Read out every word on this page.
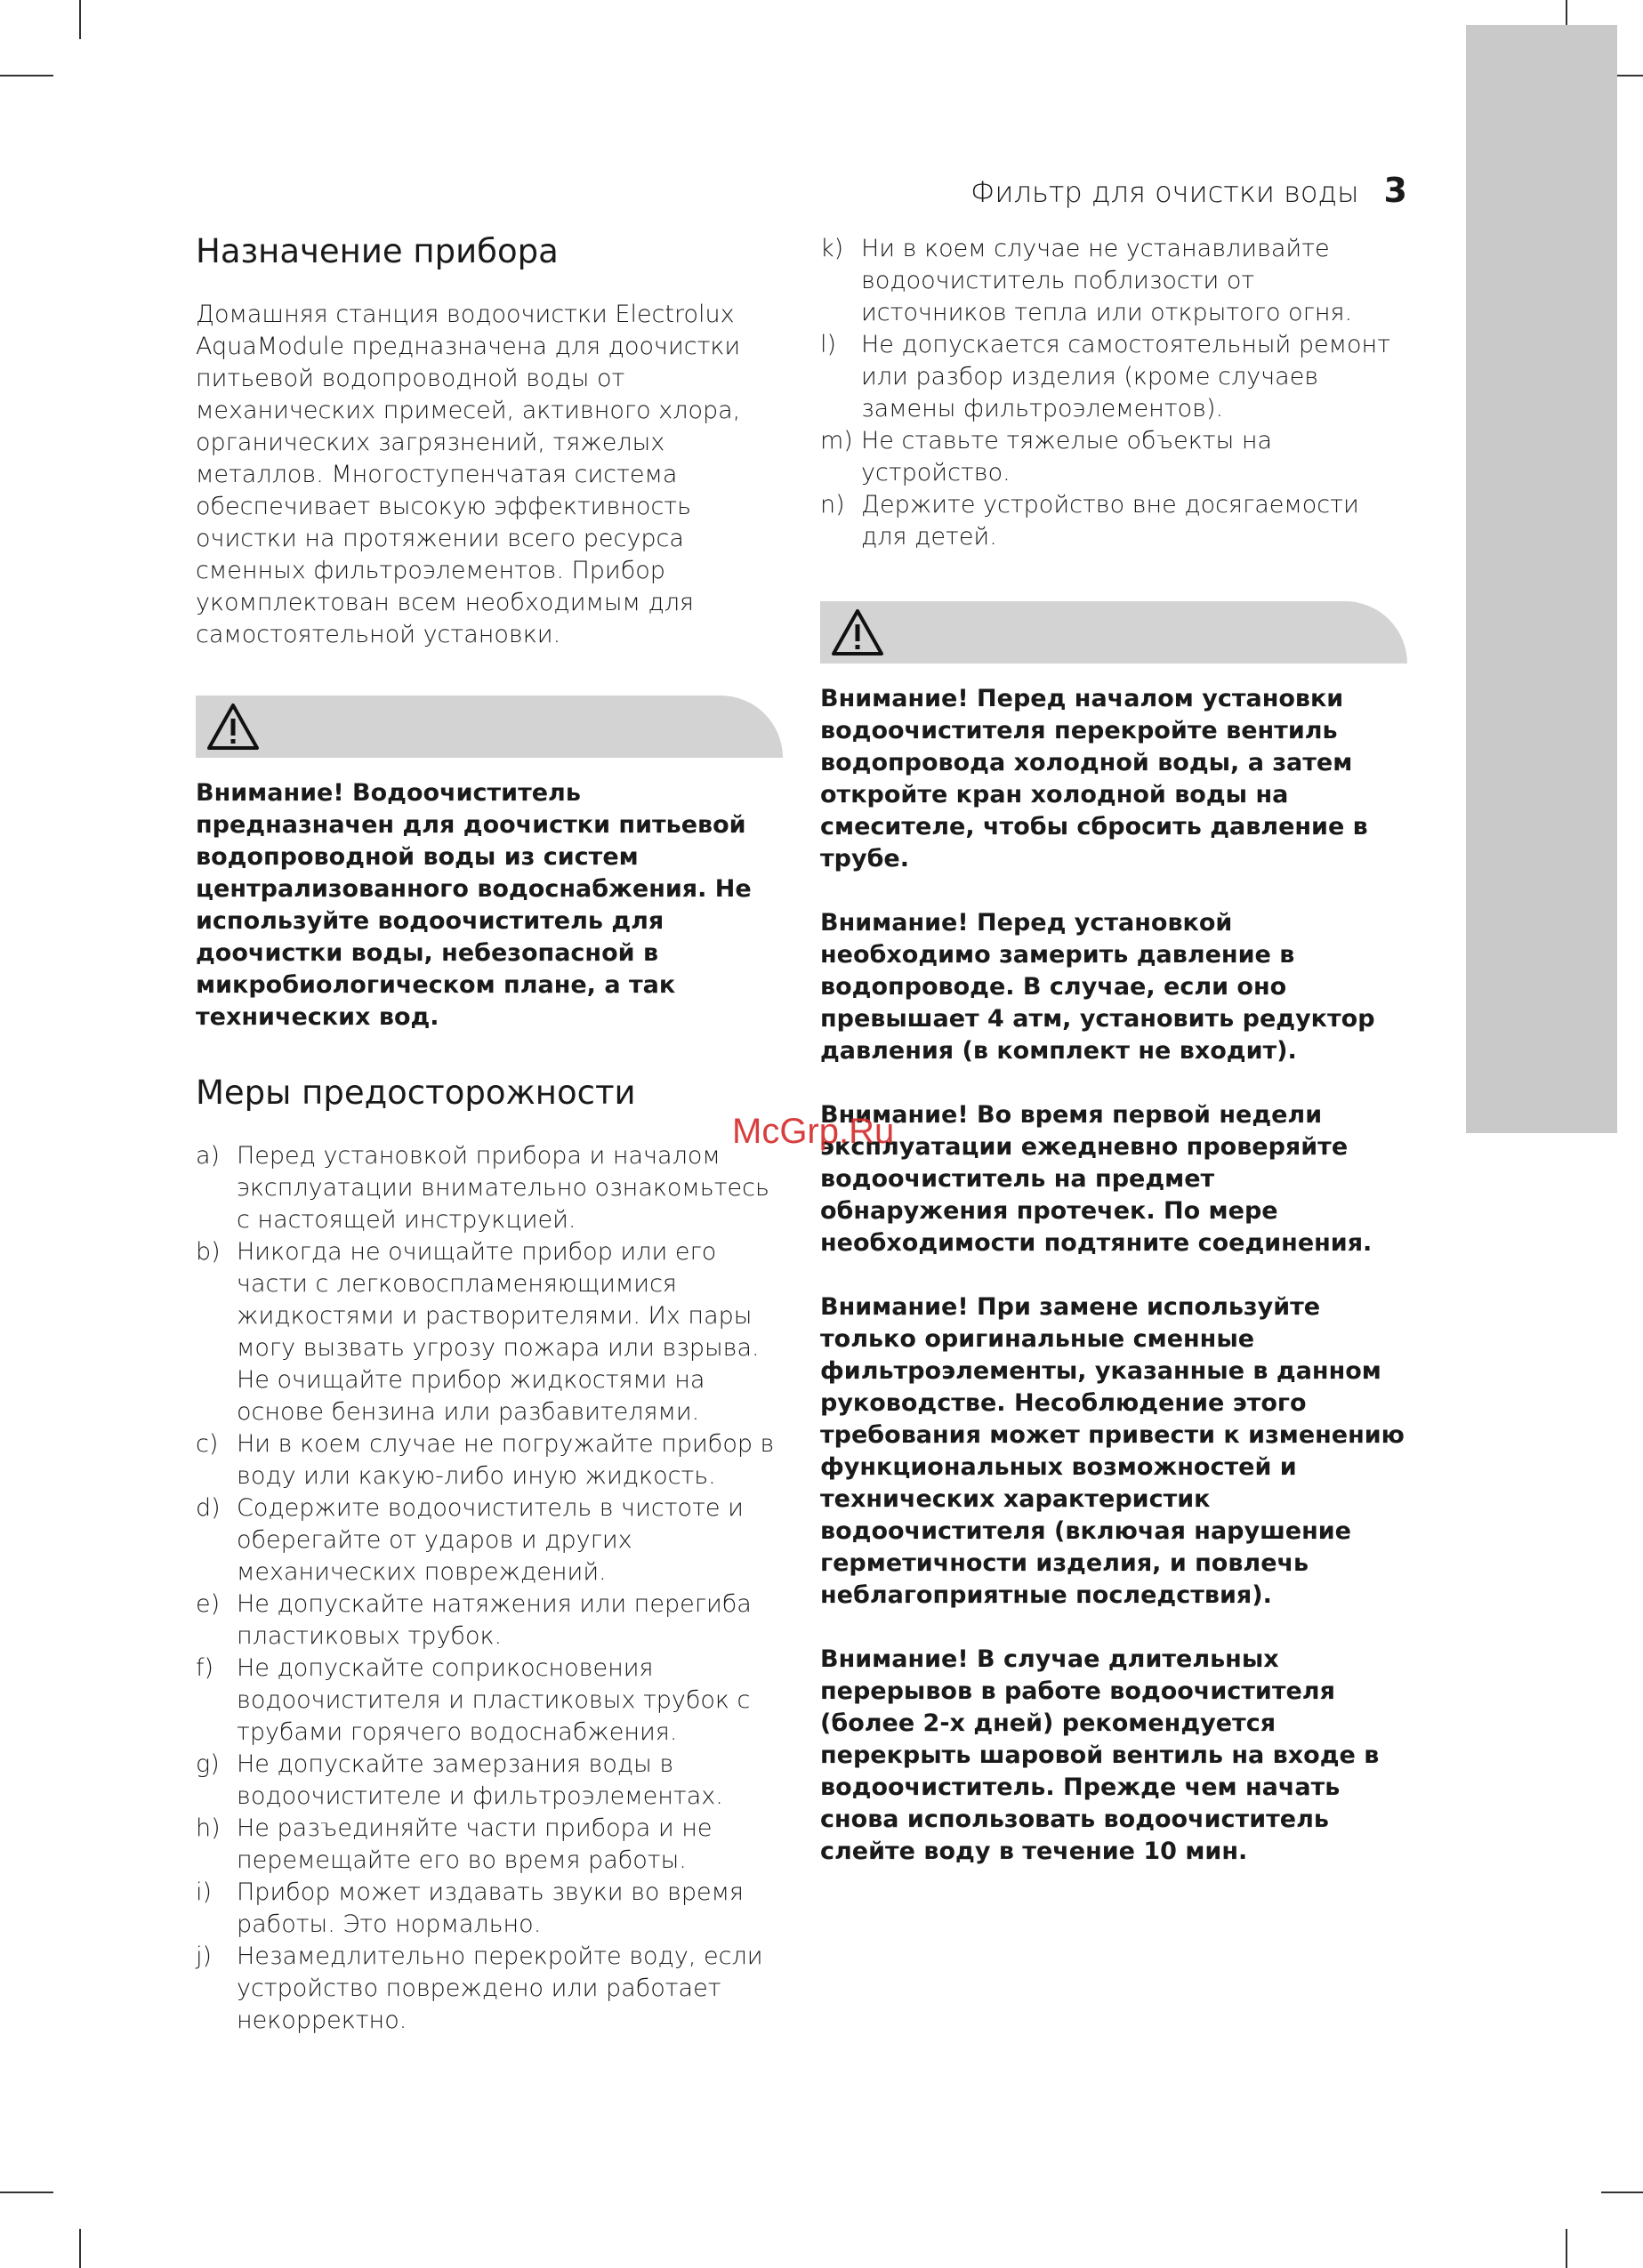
Фильтр для очистки воды 3
Назначение прибора

Домашняя станция водоочистки Electrolux AquaModule предназначена для доочистки питьевой водопроводной воды от механических примесей, активного хлора, органических загрязнений, тяжелых металлов. Многоступенчатая система обеспечивает высокую эффективность очистки на протяжении всего ресурса сменных фильтроэлементов. Прибор укомплектован всем необходимым для самостоятельной установки.

Внимание! Водоочиститель предназначен для доочистки питьевой водопроводной воды из систем централизованного водоснабжения. Не используйте водоочиститель для доочистки воды, небезопасной в микробиологическом плане, а так технических вод.

Меры предосторожности
a) Перед установкой прибора и началом эксплуатации внимательно ознакомьтесь с настоящей инструкцией.
b) Никогда не очищайте прибор или его части с легковоспламеняющимися жидкостями и растворителями. Их пары могу вызвать угрозу пожара или взрыва. Не очищайте прибор жидкостями на основе бензина или разбавителями.
c) Ни в коем случае не погружайте прибор в воду или какую-либо иную жидкость.
d) Содержите водоочиститель в чистоте и оберегайте от ударов и других механических повреждений.
e) Не допускайте натяжения или перегиба пластиковых трубок.
f) Не допускайте соприкосновения водоочистителя и пластиковых трубок с трубами горячего водоснабжения.
g) Не допускайте замерзания воды в водоочистителе и фильтроэлементах.
h) Не разъединяйте части прибора и не перемещайте его во время работы.
i)	Прибор может издавать звуки во время работы. Это нормально.
j)	Незамедлительно перекройте воду, если устройство повреждено или работает некорректно.
k) Ни в коем случае не устанавливайте водоочиститель поблизости от источников тепла или открытого огня.
l)	Не допускается самостоятельный ремонт или разбор изделия (кроме случаев замены фильтроэлементов).
m) Не ставьте тяжелые объекты на устройство.
n) Держите устройство вне досягаемости для детей.

Внимание! Перед началом установки водоочистителя перекройте вентиль водопровода холодной воды, а затем откройте кран холодной воды на смесителе, чтобы сбросить давление в трубе.

Внимание! Перед установкой необходимо замерить давление в водопроводе. В случае, если оно превышает 4 атм, установить редуктор давления (в комплект не входит).

Внимание! Во время первой недели эксплуатации ежедневно проверяйте водоочиститель на предмет обнаружения протечек. По мере необходимости подтяните соединения.

Внимание! При замене используйте только оригинальные сменные фильтроэлементы, указанные в данном руководстве. Несоблюдение этого требования может привести к изменению функциональных возможностей и технических характеристик водоочистителя (включая нарушение герметичности изделия, и повлечь неблагоприятные последствия).

Внимание! В случае длительных перерывов в работе водоочистителя (более 2-х дней) рекомендуется перекрыть шаровой вентиль на входе в водоочиститель. Прежде чем начать снова использовать водоочиститель слейте воду в течение 10 мин.

McGrp.Ru
